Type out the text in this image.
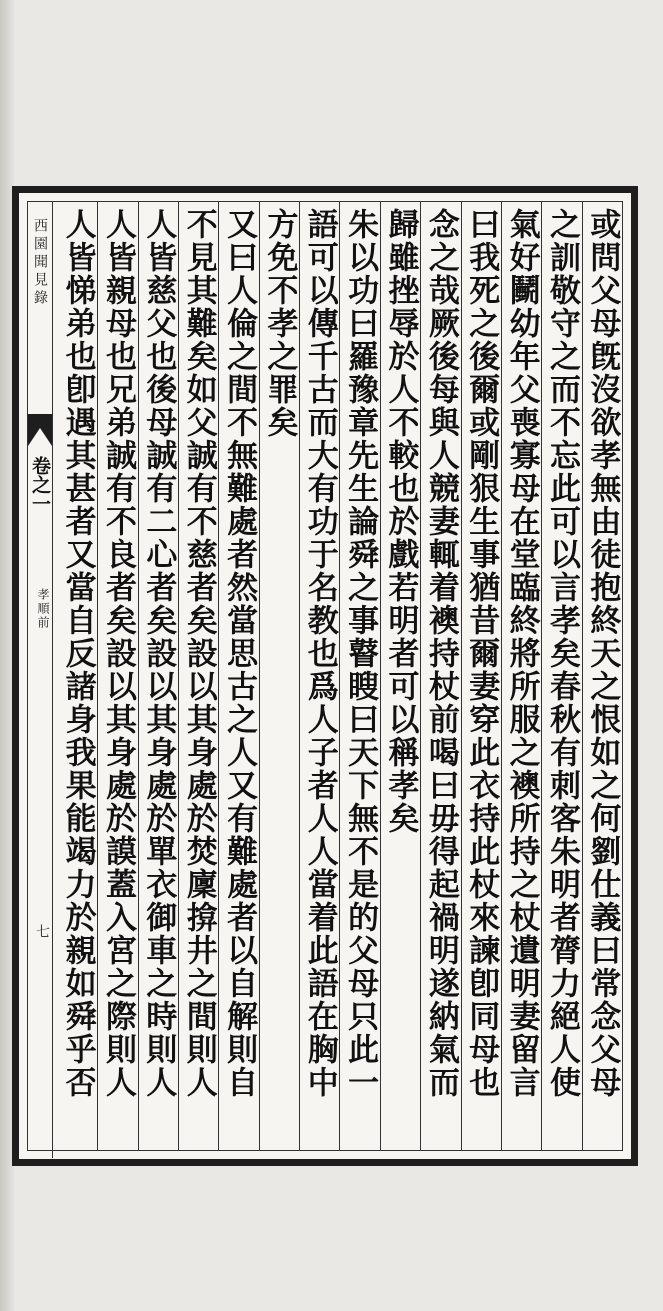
西園聞見錄
卷之一
孝順前
七	或問父母旣沒欲孝無由徒抱終天之恨如之何劉仕義曰常念父母
之訓敬守之而不忘此可以言孝矣春秋有刺客朱明者膂力絕人使
氣好鬭幼年父喪寡母在堂臨終將所服之襖所持之杖遺明妻留言
曰我死之後爾或剛狠生事猶昔爾妻穿此衣持此杖來諫卽同母也
念之哉厥後每與人競妻輒着襖持杖前喝曰毋得起禍明遂納氣而
歸雖挫辱於人不較也於戲若明者可以稱孝矣
朱以功曰羅豫章先生論舜之事瞽瞍曰天下無不是的父母只此一
語可以傳千古而大有功于名教也爲人子者人人當着此語在胸中
方免不孝之罪矣
又曰人倫之間不無難處者然當思古之人又有難處者以自解則自
不見其難矣如父誠有不慈者矣設以其身處於焚廩揜井之間則人
人皆慈父也後母誠有二心者矣設以其身處於單衣御車之時則人
人皆親母也兄弟誠有不良者矣設以其身處於謨蓋入宮之際則人
人皆悌弟也卽遇其甚者又當自反諸身我果能竭力於親如舜乎否
